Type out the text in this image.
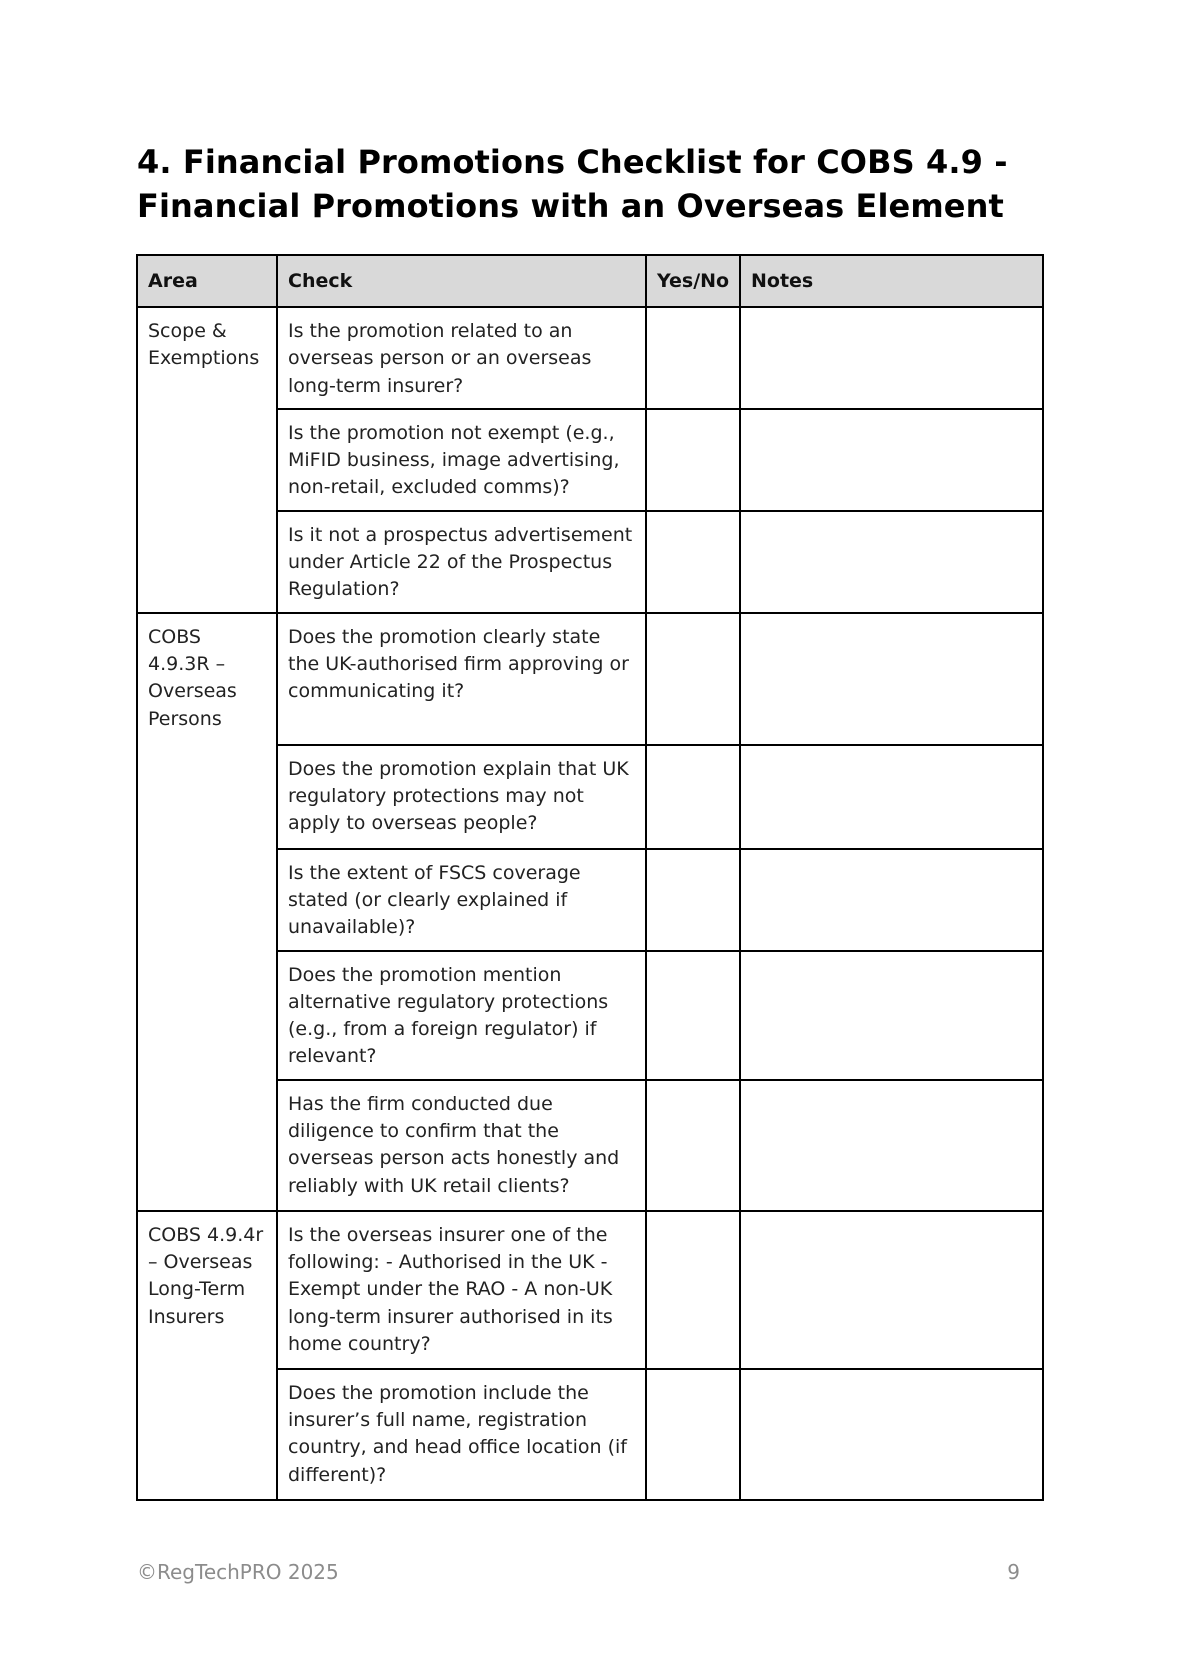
4. Financial Promotions Checklist for COBS 4.9 - Financial Promotions with an Overseas Element
Area	Check	Yes/No	Notes
Scope & Exemptions	Is the promotion related to an overseas person or an overseas long-term insurer?		
	Is the promotion not exempt (e.g., MiFID business, image advertising, non-retail, excluded comms)?		
	Is it not a prospectus advertisement under Article 22 of the Prospectus Regulation?		
COBS 4.9.3R – Overseas Persons	Does the promotion clearly state the UK-authorised firm approving or communicating it?		
	Does the promotion explain that UK regulatory protections may not apply to overseas people?		
	Is the extent of FSCS coverage stated (or clearly explained if unavailable)?		
	Does the promotion mention alternative regulatory protections (e.g., from a foreign regulator) if relevant?		
	Has the firm conducted due diligence to confirm that the overseas person acts honestly and reliably with UK retail clients?		
COBS 4.9.4r – Overseas Long-Term Insurers	Is the overseas insurer one of the following: - Authorised in the UK - Exempt under the RAO - A non-UK long-term insurer authorised in its home country?		
	Does the promotion include the insurer’s full name, registration country, and head office location (if different)?		
©RegTechPRO 2025	9
